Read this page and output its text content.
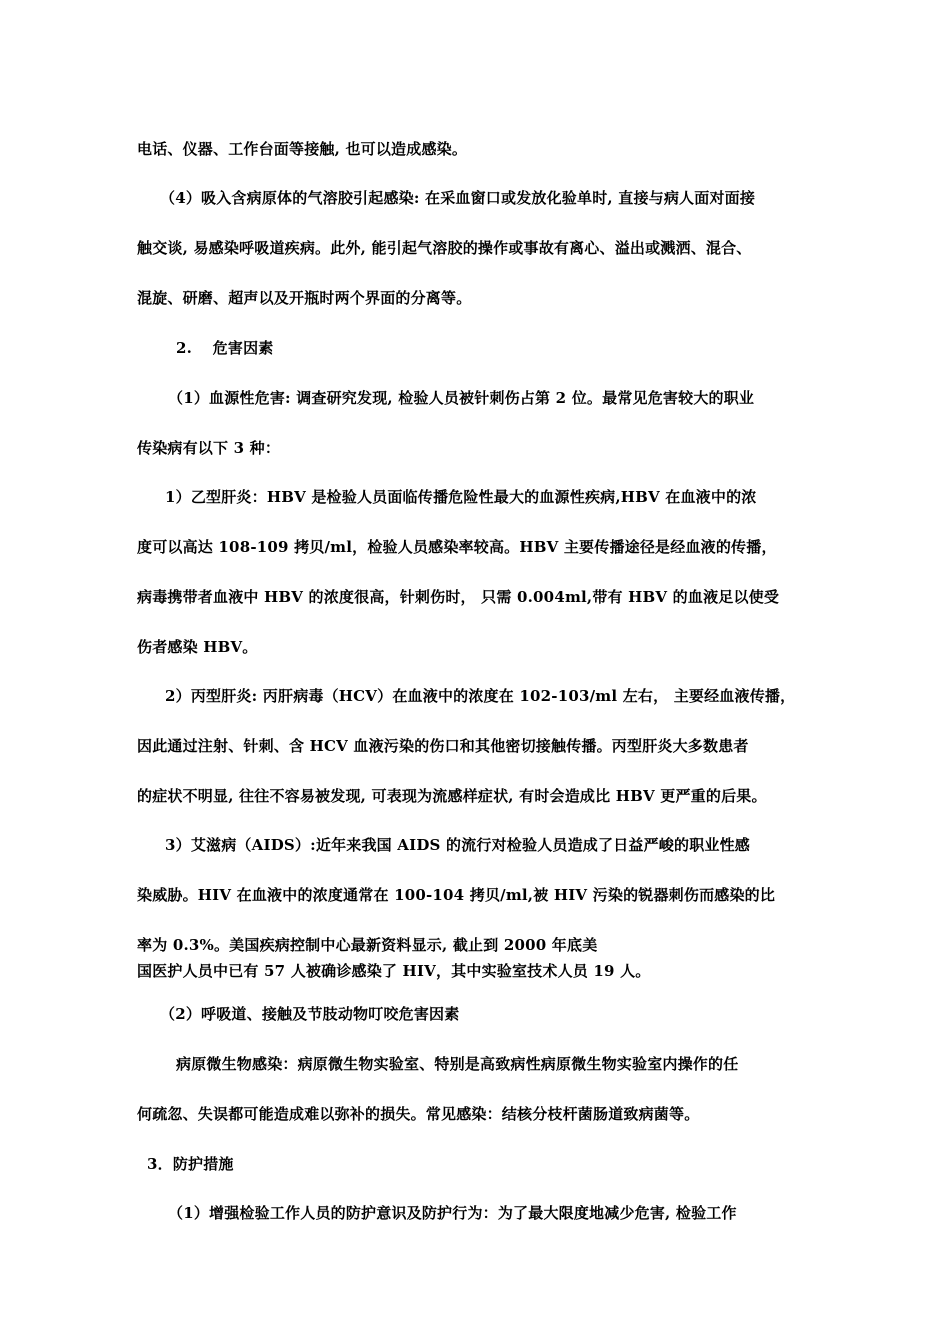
电话、仪器、工作台面等接触, 也可以造成感染。
（4）吸入含病原体的气溶胶引起感染: 在采血窗口或发放化验单时, 直接与病人面对面接
触交谈, 易感染呼吸道疾病。此外, 能引起气溶胶的操作或事故有离心、溢出或溅洒、混合、
混旋、研磨、超声以及开瓶时两个界面的分离等。
2.　 危害因素
（1）血源性危害: 调查研究发现, 检验人员被针刺伤占第 2 位。最常见危害较大的职业
传染病有以下 3 种：
1）乙型肝炎：HBV 是检验人员面临传播危险性最大的血源性疾病,HBV 在血液中的浓
度可以高达 108-109 拷贝/ml，检验人员感染率较高。HBV 主要传播途径是经血液的传播，
病毒携带者血液中 HBV 的浓度很高，针刺伤时， 只需 0.004ml,带有 HBV 的血液足以使受
伤者感染 HBV。
2）丙型肝炎: 丙肝病毒（HCV）在血液中的浓度在 102-103/ml 左右， 主要经血液传播，
因此通过注射、针刺、含 HCV 血液污染的伤口和其他密切接触传播。丙型肝炎大多数患者
的症状不明显, 往往不容易被发现, 可表现为流感样症状, 有时会造成比 HBV 更严重的后果。
3）艾滋病（AIDS）:近年来我国 AIDS 的流行对检验人员造成了日益严峻的职业性感
染威胁。HIV 在血液中的浓度通常在 100-104 拷贝/ml,被 HIV 污染的锐器刺伤而感染的比
率为 0.3%。美国疾病控制中心最新资料显示, 截止到 2000 年底美
国医护人员中已有 57 人被确诊感染了 HIV，其中实验室技术人员 19 人。
（2）呼吸道、接触及节肢动物叮咬危害因素
病原微生物感染：病原微生物实验室、特别是高致病性病原微生物实验室内操作的任
何疏忽、失误都可能造成难以弥补的损失。常见感染：结核分枝杆菌肠道致病菌等。
3．防护措施
（1）增强检验工作人员的防护意识及防护行为：为了最大限度地减少危害, 检验工作
